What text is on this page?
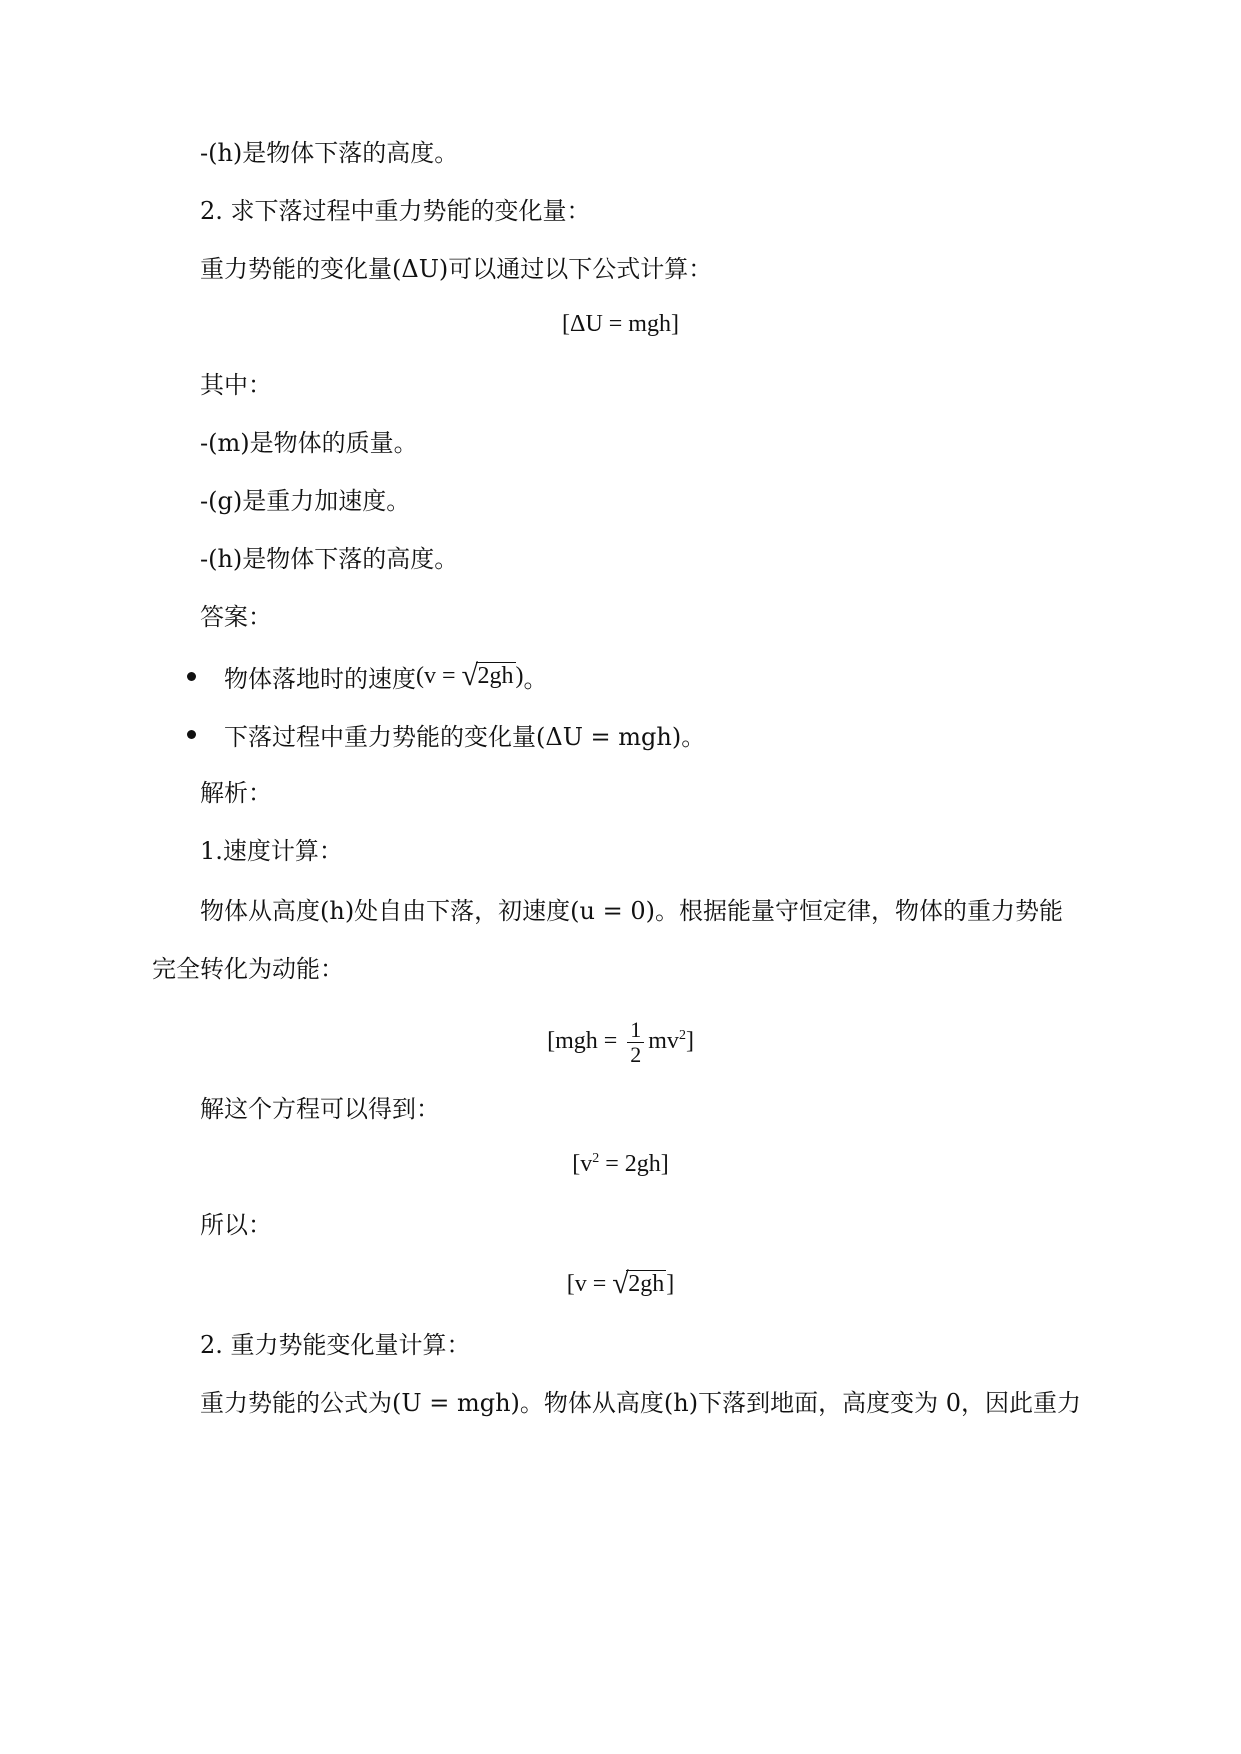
-(h)是物体下落的高度。
2. 求下落过程中重力势能的变化量：
重力势能的变化量(ΔU)可以通过以下公式计算：
[ΔU = mgh]
其中：
-(m)是物体的质量。
-(g)是重力加速度。
-(h)是物体下落的高度。
答案：
物体落地时的速度 (v = √ 2gh) 。
下落过程中重力势能的变化量(ΔU = mgh)。
解析：
1.速度计算：
物体从高度(h)处自由下落，初速度(u = 0)。根据能量守恒定律，物体的重力势能
完全转化为动能：
$[mgh = \frac{1}{2} mv^2]$
解这个方程可以得到：
$[v^2 = 2gh]$
所以：
[v = √ 2gh]
2. 重力势能变化量计算：
重力势能的公式为(U = mgh)。物体从高度(h)下落到地面，高度变为 0，因此重力
